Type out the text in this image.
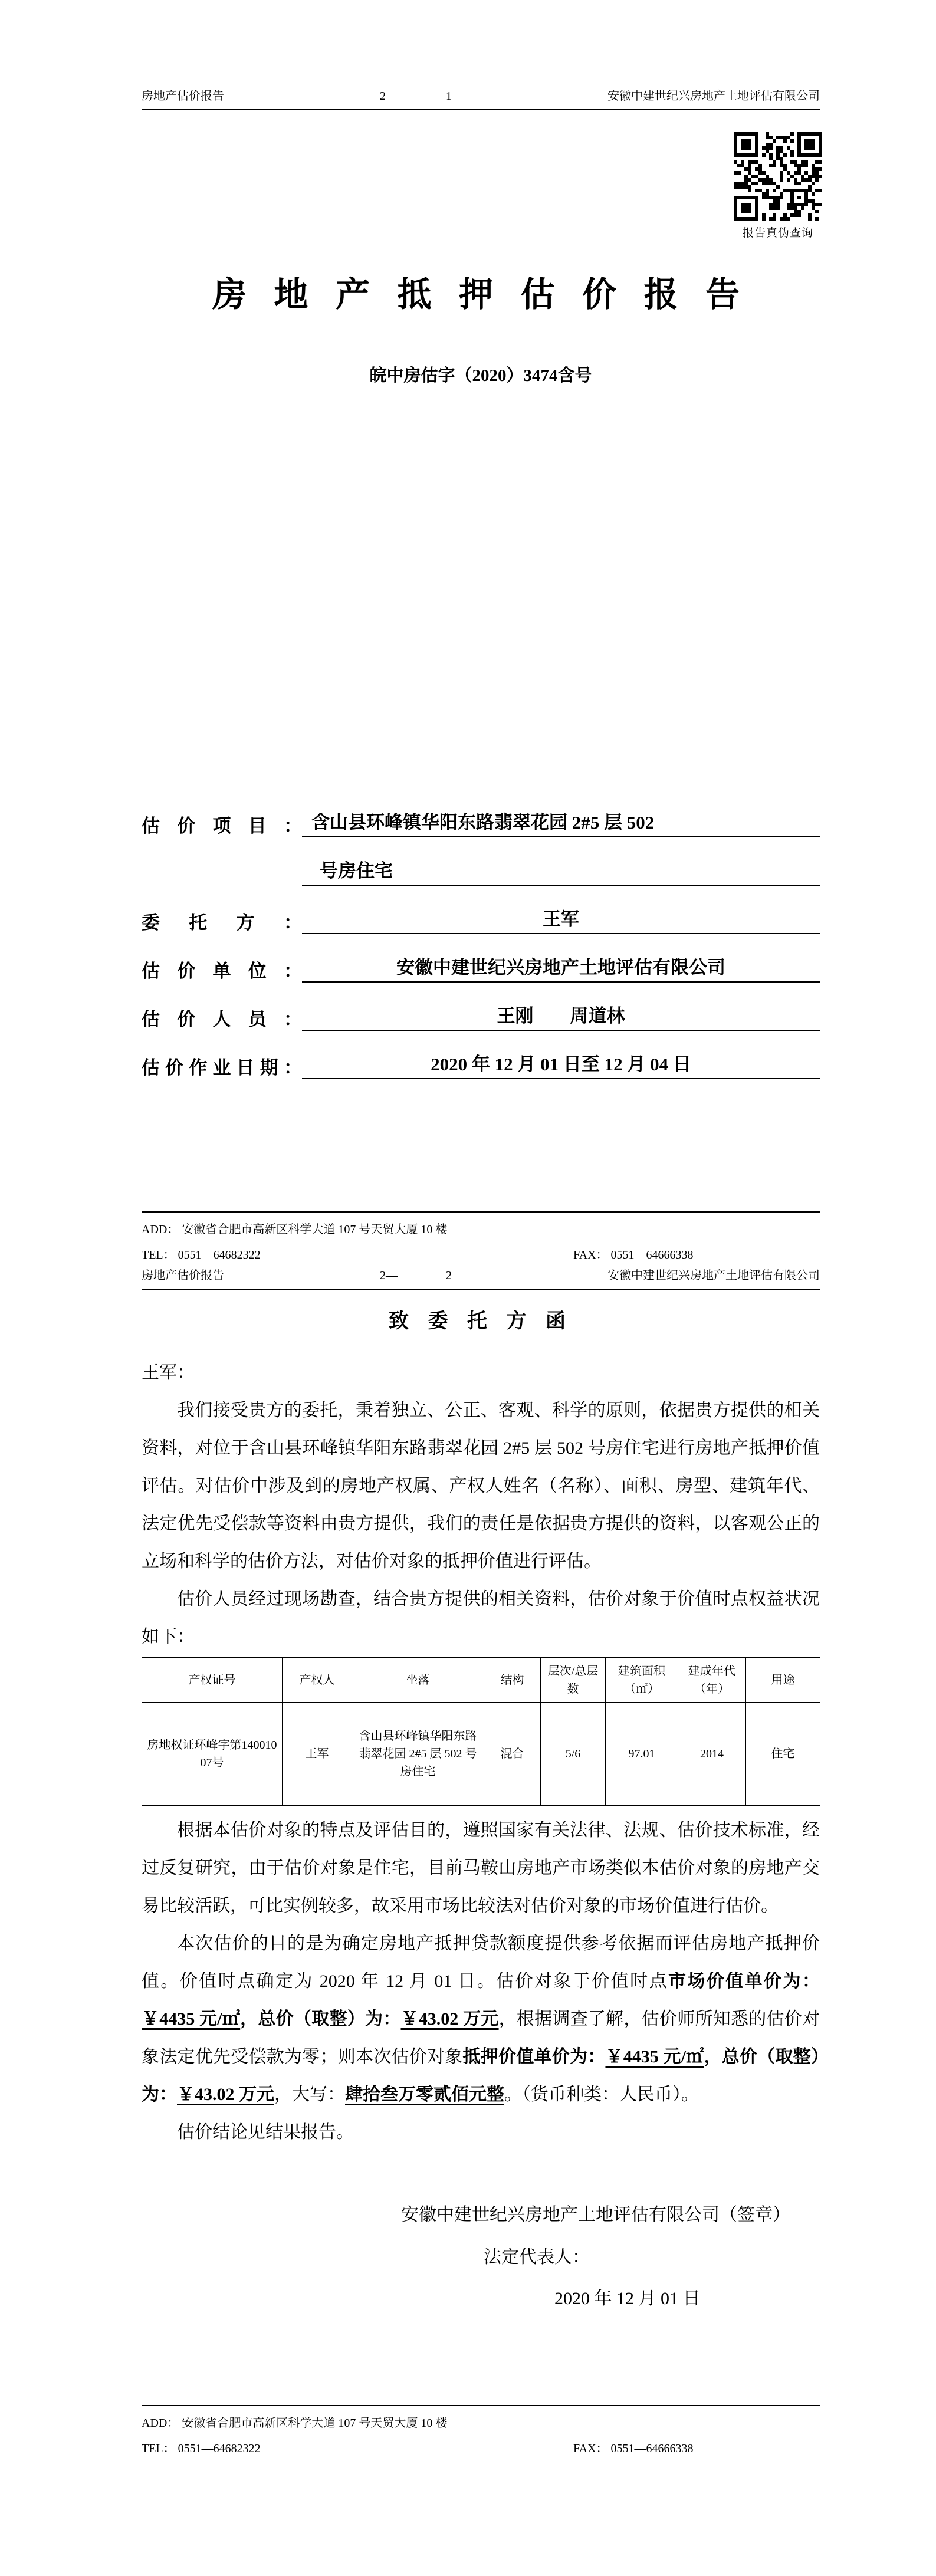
房地产估价报告	2—	1	安徽中建世纪兴房地产土地评估有限公司
报告真伪查询
房 地 产 抵 押 估 价 报 告
皖中房估字（2020）3474含号
估价项目： 含山县环峰镇华阳东路翡翠花园 2#5 层 502
号房住宅
委托方：	王军
估价单位：	安徽中建世纪兴房地产土地评估有限公司
估价人员：	王刚　　周道林
估价作业日期：	2020 年 12 月 01 日至 12 月 04 日
ADD： 安徽省合肥市高新区科学大道 107 号天贸大厦 10 楼
TEL： 0551—64682322	FAX： 0551—64666338
房地产估价报告	2—	2	安徽中建世纪兴房地产土地评估有限公司
致 委 托 方 函

王军：

我们接受贵方的委托，秉着独立、公正、客观、科学的原则，依据贵方提供的相关资料，对位于含山县环峰镇华阳东路翡翠花园 2#5 层 502 号房住宅进行房地产抵押价值评估。对估价中涉及到的房地产权属、产权人姓名（名称）、面积、房型、建筑年代、法定优先受偿款等资料由贵方提供，我们的责任是依据贵方提供的资料，以客观公正的立场和科学的估价方法，对估价对象的抵押价值进行评估。

估价人员经过现场勘查，结合贵方提供的相关资料，估价对象于价值时点权益状况如下：

产权证号	产权人	坐落	结构	层次/总层数	建筑面积（㎡）	建成年代（年）	用途
房地权证环峰字第14001007号	王军	含山县环峰镇华阳东路翡翠花园 2#5 层 502 号房住宅	混合	5/6	97.01	2014	住宅

根据本估价对象的特点及评估目的，遵照国家有关法律、法规、估价技术标准，经过反复研究，由于估价对象是住宅，目前马鞍山房地产市场类似本估价对象的房地产交易比较活跃，可比实例较多，故采用市场比较法对估价对象的市场价值进行估价。

本次估价的目的是为确定房地产抵押贷款额度提供参考依据而评估房地产抵押价值。价值时点确定为 2020 年 12 月 01 日。估价对象于价值时点市场价值单价为：￥4435 元/㎡，总价（取整）为：￥43.02 万元，根据调查了解，估价师所知悉的估价对象法定优先受偿款为零；则本次估价对象抵押价值单价为：￥4435 元/㎡，总价（取整）为：￥43.02 万元，大写：肆拾叁万零贰佰元整。（货币种类：人民币）。

估价结论见结果报告。

安徽中建世纪兴房地产土地评估有限公司（签章）
法定代表人：
2020 年 12 月 01 日
ADD： 安徽省合肥市高新区科学大道 107 号天贸大厦 10 楼
TEL： 0551—64682322	FAX： 0551—64666338
